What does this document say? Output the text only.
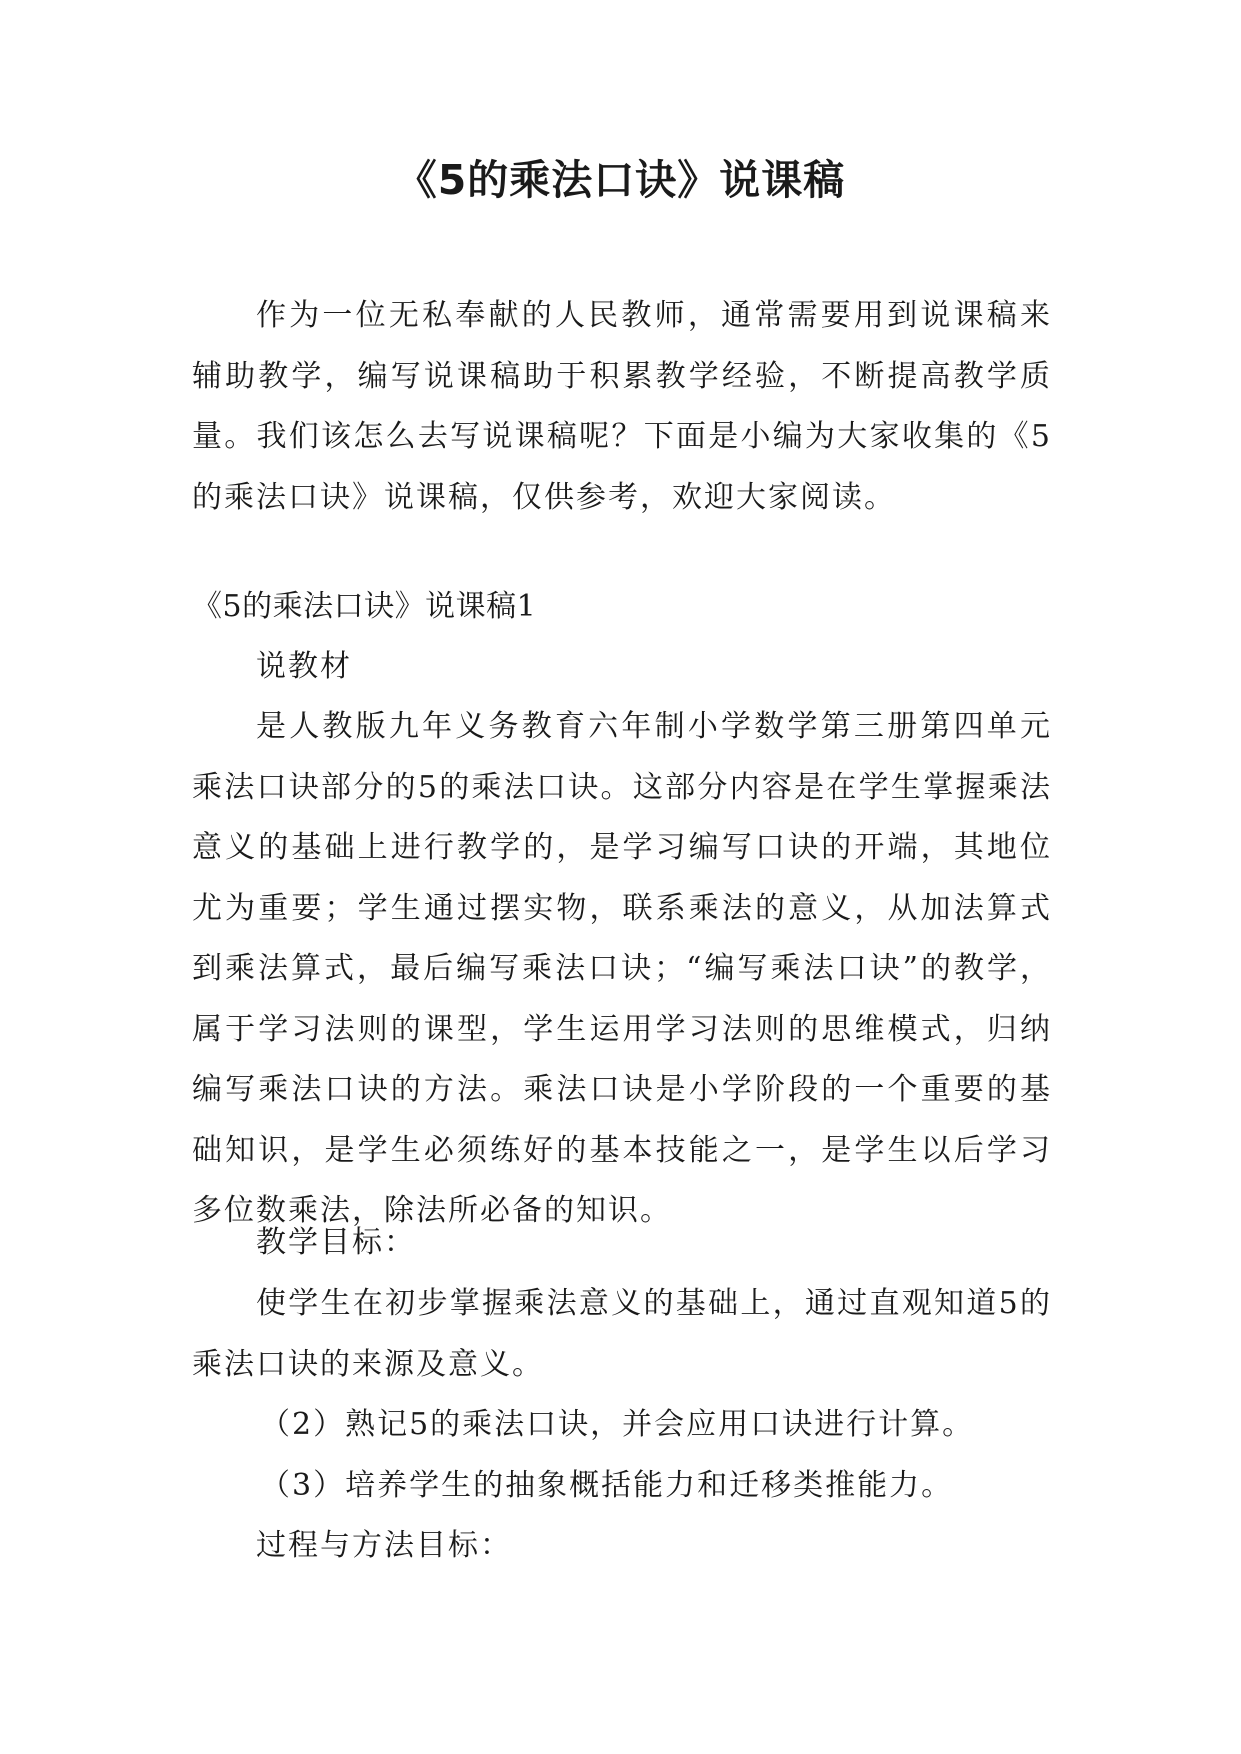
《5的乘法口诀》说课稿

作为一位无私奉献的人民教师，通常需要用到说课稿来辅助教学，编写说课稿助于积累教学经验，不断提高教学质量。我们该怎么去写说课稿呢？下面是小编为大家收集的《5的乘法口诀》说课稿，仅供参考，欢迎大家阅读。

《5的乘法口诀》说课稿1

说教材

是人教版九年义务教育六年制小学数学第三册第四单元乘法口诀部分的5的乘法口诀。这部分内容是在学生掌握乘法意义的基础上进行教学的，是学习编写口诀的开端，其地位尤为重要；学生通过摆实物，联系乘法的意义，从加法算式到乘法算式，最后编写乘法口诀；“编写乘法口诀”的教学，属于学习法则的课型，学生运用学习法则的思维模式，归纳编写乘法口诀的方法。乘法口诀是小学阶段的一个重要的基础知识，是学生必须练好的基本技能之一，是学生以后学习多位数乘法，除法所必备的知识。

教学目标：

使学生在初步掌握乘法意义的基础上，通过直观知道5的乘法口诀的来源及意义。

（2）熟记5的乘法口诀，并会应用口诀进行计算。

（3）培养学生的抽象概括能力和迁移类推能力。

过程与方法目标：
